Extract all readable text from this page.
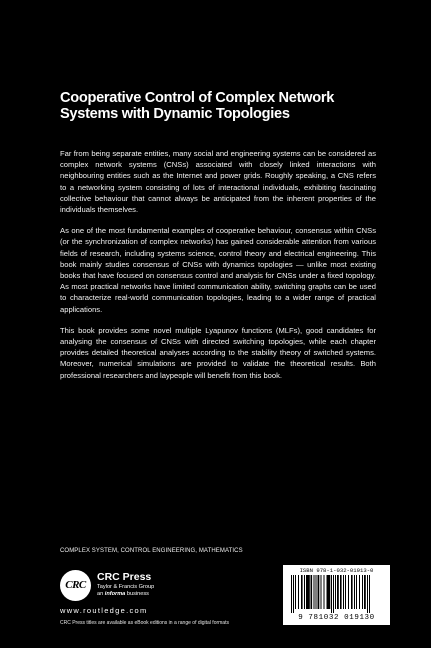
Cooperative Control of Complex Network Systems with Dynamic Topologies

Far from being separate entities, many social and engineering systems can be considered as complex network systems (CNSs) associated with closely linked interactions with neighbouring entities such as the Internet and power grids. Roughly speaking, a CNS refers to a networking system consisting of lots of interactional individuals, exhibiting fascinating collective behaviour that cannot always be anticipated from the inherent properties of the individuals themselves.

As one of the most fundamental examples of cooperative behaviour, consensus within CNSs (or the synchronization of complex networks) has gained considerable attention from various fields of research, including systems science, control theory and electrical engineering. This book mainly studies consensus of CNSs with dynamics topologies — unlike most existing books that have focused on consensus control and analysis for CNSs under a fixed topology. As most practical networks have limited communication ability, switching graphs can be used to characterize real-world communication topologies, leading to a wider range of practical applications.

This book provides some novel multiple Lyapunov functions (MLFs), good candidates for analysing the consensus of CNSs with directed switching topologies, while each chapter provides detailed theoretical analyses according to the stability theory of switched systems. Moreover, numerical simulations are provided to validate the theoretical results. Both professional researchers and laypeople will benefit from this book.

COMPLEX SYSTEM, CONTROL ENGINEERING, MATHEMATICS
CRC
CRC Press
Taylor & Francis Group
an informa business
www.routledge.com
CRC Press titles are available as eBook editions in a range of digital formats
ISBN 978-1-032-01913-0
9 781032 019130
